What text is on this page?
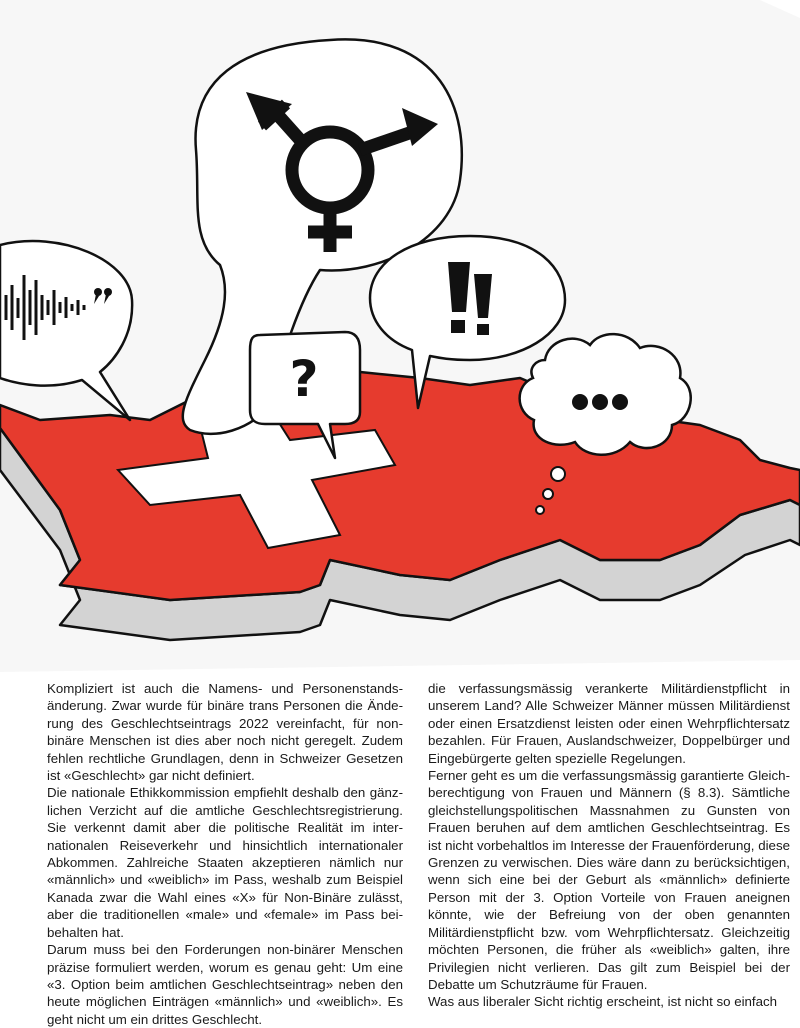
?

Kompliziert ist auch die Namens- und Personenstandsänderung. Zwar wurde für binäre trans Personen die Änderung des Geschlechtseintrags 2022 vereinfacht, für nonbinäre Menschen ist dies aber noch nicht geregelt. Zudem fehlen rechtliche Grundlagen, denn in Schweizer Gesetzen ist «Geschlecht» gar nicht definiert.

Die nationale Ethikkommission empfiehlt deshalb den gänzlichen Verzicht auf die amtliche Geschlechtsregistrierung. Sie verkennt damit aber die politische Realität im internationalen Reiseverkehr und hinsichtlich internationaler Abkommen. Zahlreiche Staaten akzeptieren nämlich nur «männlich» und «weiblich» im Pass, weshalb zum Beispiel Kanada zwar die Wahl eines «X» für Non-Binäre zulässt, aber die traditionellen «male» und «female» im Pass beibehalten hat.

Darum muss bei den Forderungen non-binärer Menschen präzise formuliert werden, worum es genau geht: Um eine «3. Option beim amtlichen Geschlechtseintrag» neben den heute möglichen Einträgen «männlich» und «weiblich». Es geht nicht um ein drittes Geschlecht.

die verfassungsmässig verankerte Militärdienstpflicht in unserem Land? Alle Schweizer Männer müssen Militärdienst oder einen Ersatzdienst leisten oder einen Wehrpflichtersatz bezahlen. Für Frauen, Auslandschweizer, Doppelbürger und Eingebürgerte gelten spezielle Regelungen.

Ferner geht es um die verfassungsmässig garantierte Gleichberechtigung von Frauen und Männern (§ 8.3). Sämtliche gleichstellungspolitischen Massnahmen zu Gunsten von Frauen beruhen auf dem amtlichen Geschlechtseintrag. Es ist nicht vorbehaltlos im Interesse der Frauenförderung, diese Grenzen zu verwischen. Dies wäre dann zu berücksichtigen, wenn sich eine bei der Geburt als «männlich» definierte Person mit der 3. Option Vorteile von Frauen aneignen könnte, wie der Befreiung von der oben genannten Militärdienstpflicht bzw. vom Wehrpflichtersatz. Gleichzeitig möchten Personen, die früher als «weiblich» galten, ihre Privilegien nicht verlieren. Das gilt zum Beispiel bei der Debatte um Schutzräume für Frauen.

Was aus liberaler Sicht richtig erscheint, ist nicht so einfach
